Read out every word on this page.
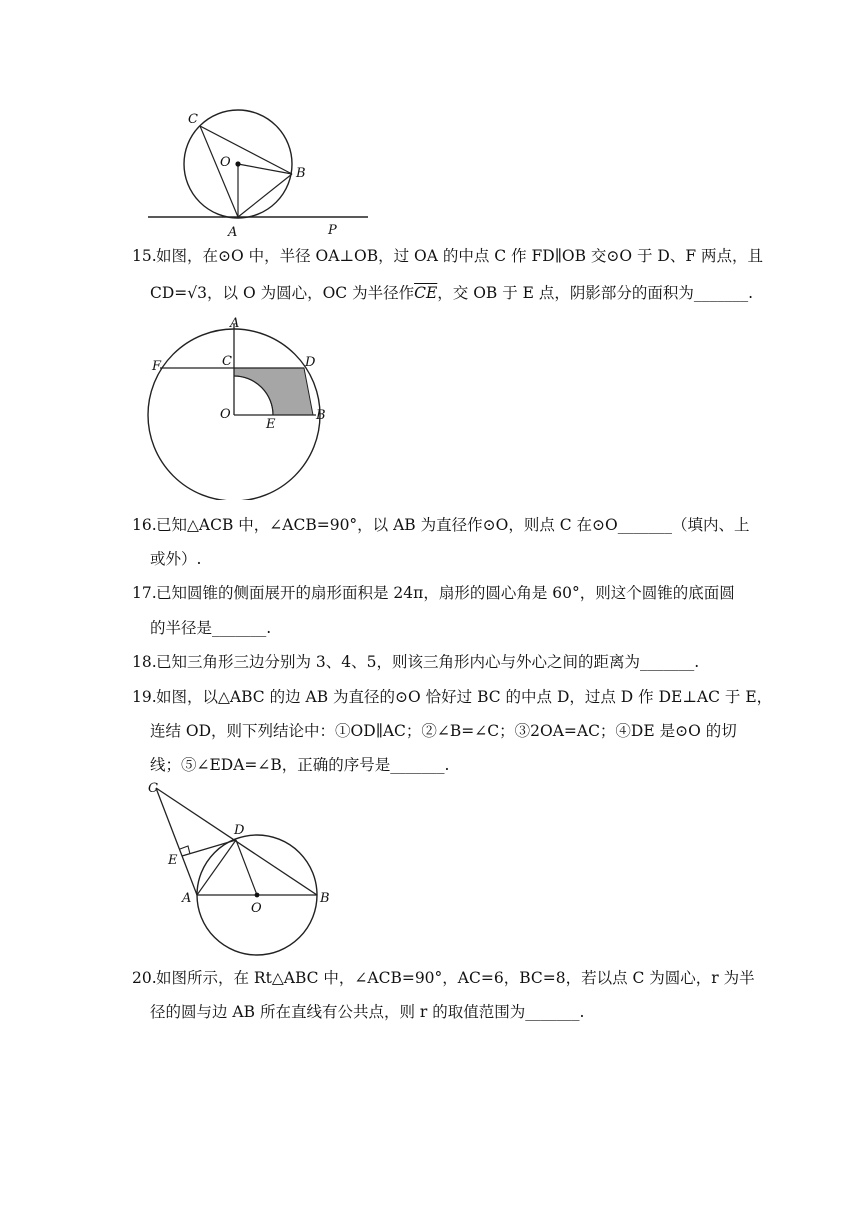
C
O
B
A	P
15.如图，在⊙O 中，半径 OA⊥OB，过 OA 的中点 C 作 FD∥OB 交⊙O 于 D、F 两点，且
CD=√3，以 O 为圆心，OC 为半径作$\overline{CE}$，交 OB 于 E 点，阴影部分的面积为_______.
A
F	C	D
O
E
B
16.已知△ACB 中，∠ACB=90°，以 AB 为直径作⊙O，则点 C 在⊙O_______（填内、上
或外）.
17.已知圆锥的侧面展开的扇形面积是 24π，扇形的圆心角是 60°，则这个圆锥的底面圆
的半径是_______.
18.已知三角形三边分别为 3、4、5，则该三角形内心与外心之间的距离为_______.
19.如图，以△ABC 的边 AB 为直径的⊙O 恰好过 BC 的中点 D，过点 D 作 DE⊥AC 于 E，
连结 OD，则下列结论中：①OD∥AC；②∠B=∠C；③2OA=AC；④DE 是⊙O 的切
线；⑤∠EDA=∠B，正确的序号是_______.
C
D
E
A
O
B
20.如图所示，在 Rt△ABC 中，∠ACB=90°，AC=6，BC=8，若以点 C 为圆心，r 为半
径的圆与边 AB 所在直线有公共点，则 r 的取值范围为_______.
